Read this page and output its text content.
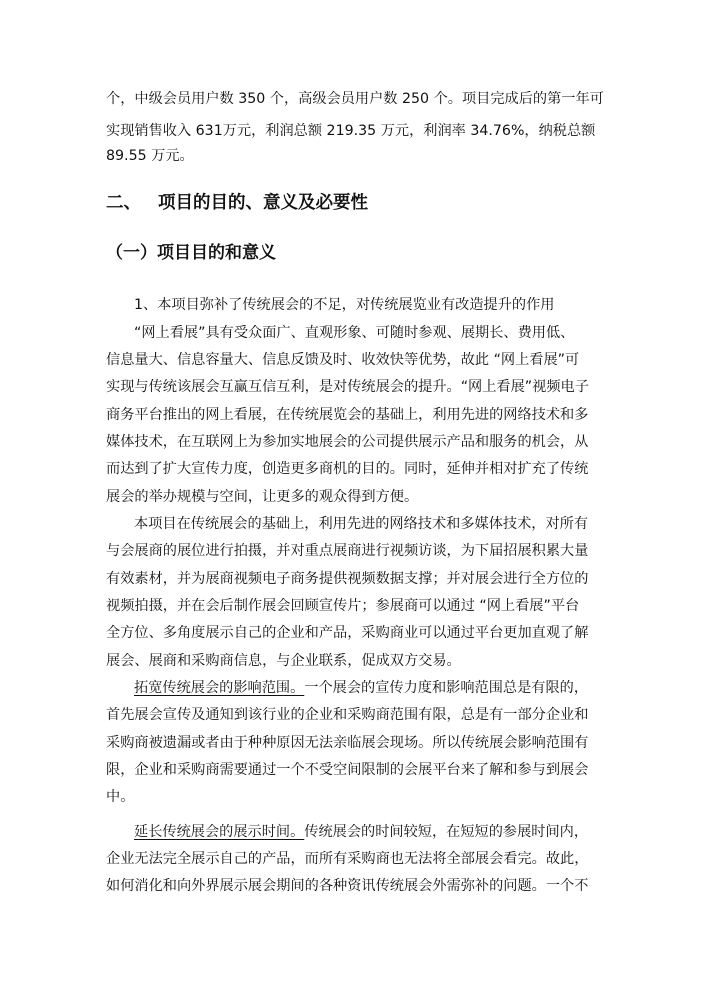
个，中级会员用户数 350 个，高级会员用户数 250 个。项目完成后的第一年可
实现销售收入 631万元，利润总额 219.35 万元，利润率 34.76%，纳税总额
89.55 万元。
二、 项目的目的、意义及必要性
（一）项目目的和意义
1、本项目弥补了传统展会的不足，对传统展览业有改造提升的作用
“网上看展”具有受众面广、直观形象、可随时参观、展期长、费用低、
信息量大、信息容量大、信息反馈及时、收效快等优势，故此 “网上看展”可
实现与传统该展会互赢互信互利，是对传统展会的提升。“网上看展”视频电子
商务平台推出的网上看展，在传统展览会的基础上，利用先进的网络技术和多
媒体技术，在互联网上为参加实地展会的公司提供展示产品和服务的机会，从
而达到了扩大宣传力度，创造更多商机的目的。同时，延伸并相对扩充了传统
展会的举办规模与空间，让更多的观众得到方便。
本项目在传统展会的基础上，利用先进的网络技术和多媒体技术，对所有
与会展商的展位进行拍摄，并对重点展商进行视频访谈，为下届招展积累大量
有效素材，并为展商视频电子商务提供视频数据支撑；并对展会进行全方位的
视频拍摄，并在会后制作展会回顾宣传片；参展商可以通过 “网上看展”平台
全方位、多角度展示自己的企业和产品，采购商业可以通过平台更加直观了解
展会、展商和采购商信息，与企业联系，促成双方交易。
拓宽传统展会的影响范围。一个展会的宣传力度和影响范围总是有限的，
首先展会宣传及通知到该行业的企业和采购商范围有限，总是有一部分企业和
采购商被遗漏或者由于种种原因无法亲临展会现场。所以传统展会影响范围有
限，企业和采购商需要通过一个不受空间限制的会展平台来了解和参与到展会
中。
延长传统展会的展示时间。传统展会的时间较短，在短短的参展时间内，
企业无法完全展示自己的产品，而所有采购商也无法将全部展会看完。故此，
如何消化和向外界展示展会期间的各种资讯传统展会外需弥补的问题。一个不
